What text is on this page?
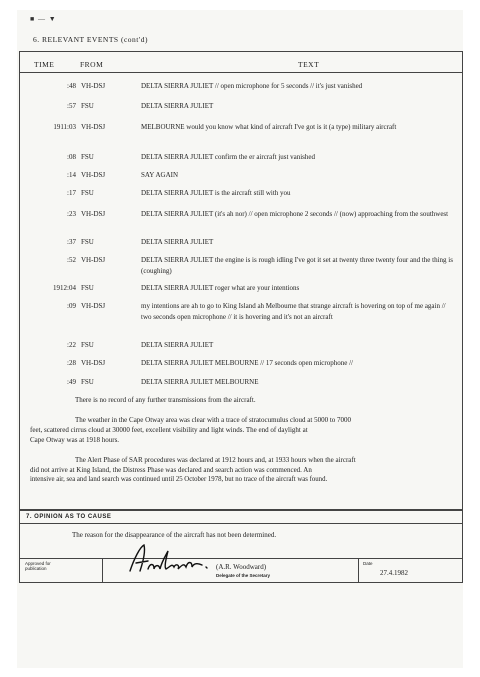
■ — ▼
6. RELEVANT EVENTS (cont'd)
TIME	FROM	TEXT
:48 VH-DSJ	DELTA SIERRA JULIET // open microphone for 5 seconds // it's just vanished
:57 FSU	DELTA SIERRA JULIET
1911:03 VH-DSJ	MELBOURNE would you know what kind of aircraft I've got is it (a type) military aircraft
:08 FSU	DELTA SIERRA JULIET confirm the er aircraft just vanished
:14 VH-DSJ	SAY AGAIN
:17 FSU	DELTA SIERRA JULIET is the aircraft still with you
:23 VH-DSJ	DELTA SIERRA JULIET (it's ah nor) // open microphone 2 seconds // (now) approaching from the southwest
:37 FSU	DELTA SIERRA JULIET
:52 VH-DSJ	DELTA SIERRA JULIET the engine is is rough idling I've got it set at twenty three twenty four and the thing is (coughing)
1912:04 FSU	DELTA SIERRA JULIET roger what are your intentions
:09 VH-DSJ	my intentions are ah to go to King Island ah Melbourne that strange aircraft is hovering on top of me again // two seconds open microphone // it is hovering and it's not an aircraft
:22 FSU	DELTA SIERRA JULIET
:28 VH-DSJ	DELTA SIERRA JULIET MELBOURNE // 17 seconds open microphone //
:49 FSU	DELTA SIERRA JULIET MELBOURNE
There is no record of any further transmissions from the aircraft.
The weather in the Cape Otway area was clear with a trace of stratocumulus cloud at 5000 to 7000
feet, scattered cirrus cloud at 30000 feet, excellent visibility and light winds. The end of daylight at
Cape Otway was at 1918 hours.
The Alert Phase of SAR procedures was declared at 1912 hours and, at 1933 hours when the aircraft
did not arrive at King Island, the Distress Phase was declared and search action was commenced. An
intensive air, sea and land search was continued until 25 October 1978, but no trace of the aircraft was found.
7. OPINION AS TO CAUSE
The reason for the disappearance of the aircraft has not been determined.
Approved for
publication	(A.R. Woodward)
Delegate of the Secretary
Date
27.4.1982
